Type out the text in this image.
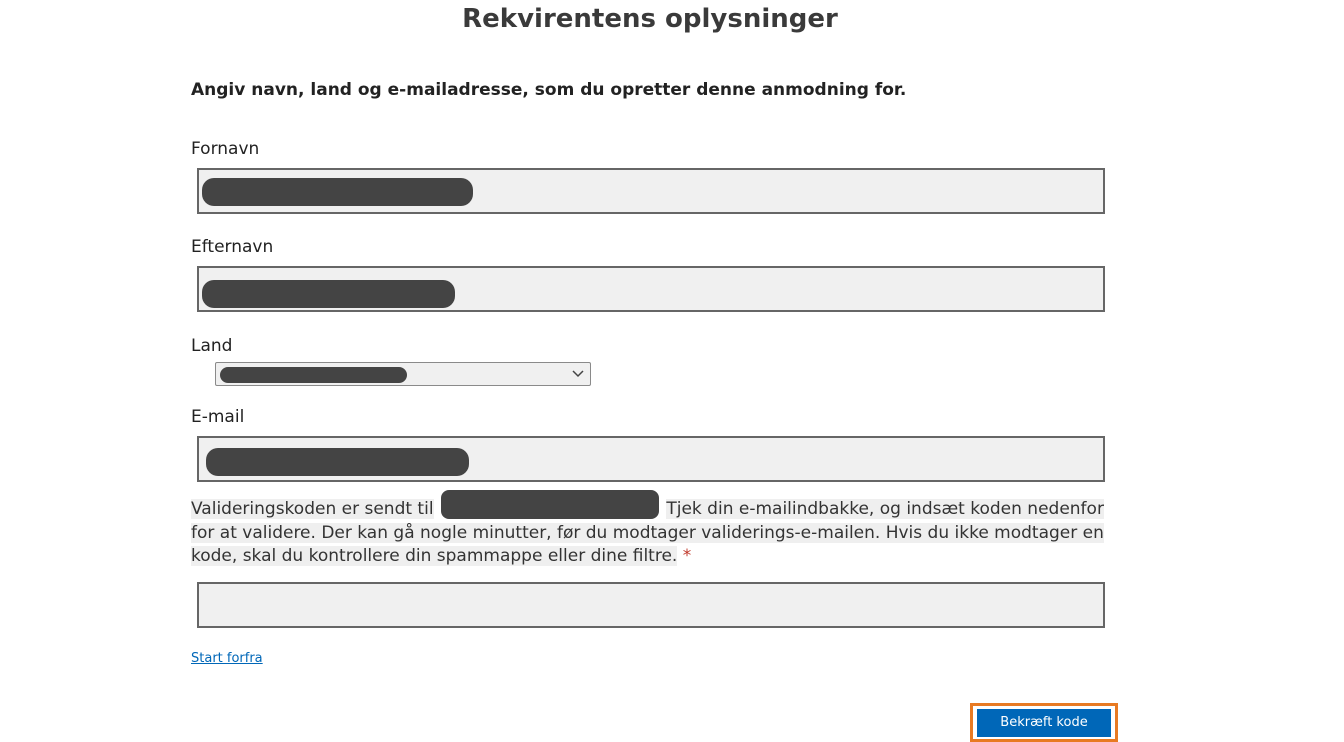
Rekvirentens oplysninger
Angiv navn, land og e-mailadresse, som du opretter denne anmodning for.
Fornavn
Efternavn
Land
E-mail
Valideringskoden er sendt til	Tjek din e-mailindbakke, og indsæt koden nedenfor for at validere. Der kan gå nogle minutter, før du modtager validerings-e-mailen. Hvis du ikke modtager en kode, skal du kontrollere din spammappe eller dine filtre. *
Start forfra
Bekræft kode
